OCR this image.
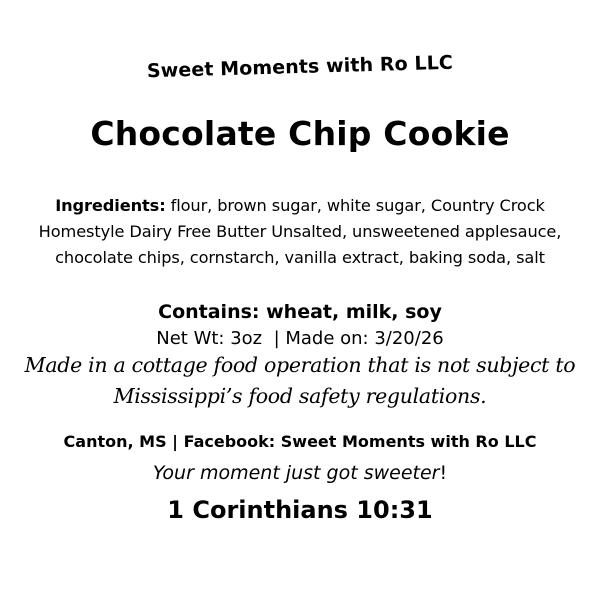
Sweet Moments with Ro LLC
Chocolate Chip Cookie
Ingredients: flour, brown sugar, white sugar, Country Crock Homestyle Dairy Free Butter Unsalted, unsweetened applesauce, chocolate chips, cornstarch, vanilla extract, baking soda, salt
Contains: wheat, milk, soy
Net Wt: 3oz  | Made on: 3/20/26
Made in a cottage food operation that is not subject to Mississippi’s food safety regulations.
Canton, MS | Facebook: Sweet Moments with Ro LLC
Your moment just got sweeter!
1 Corinthians 10:31
